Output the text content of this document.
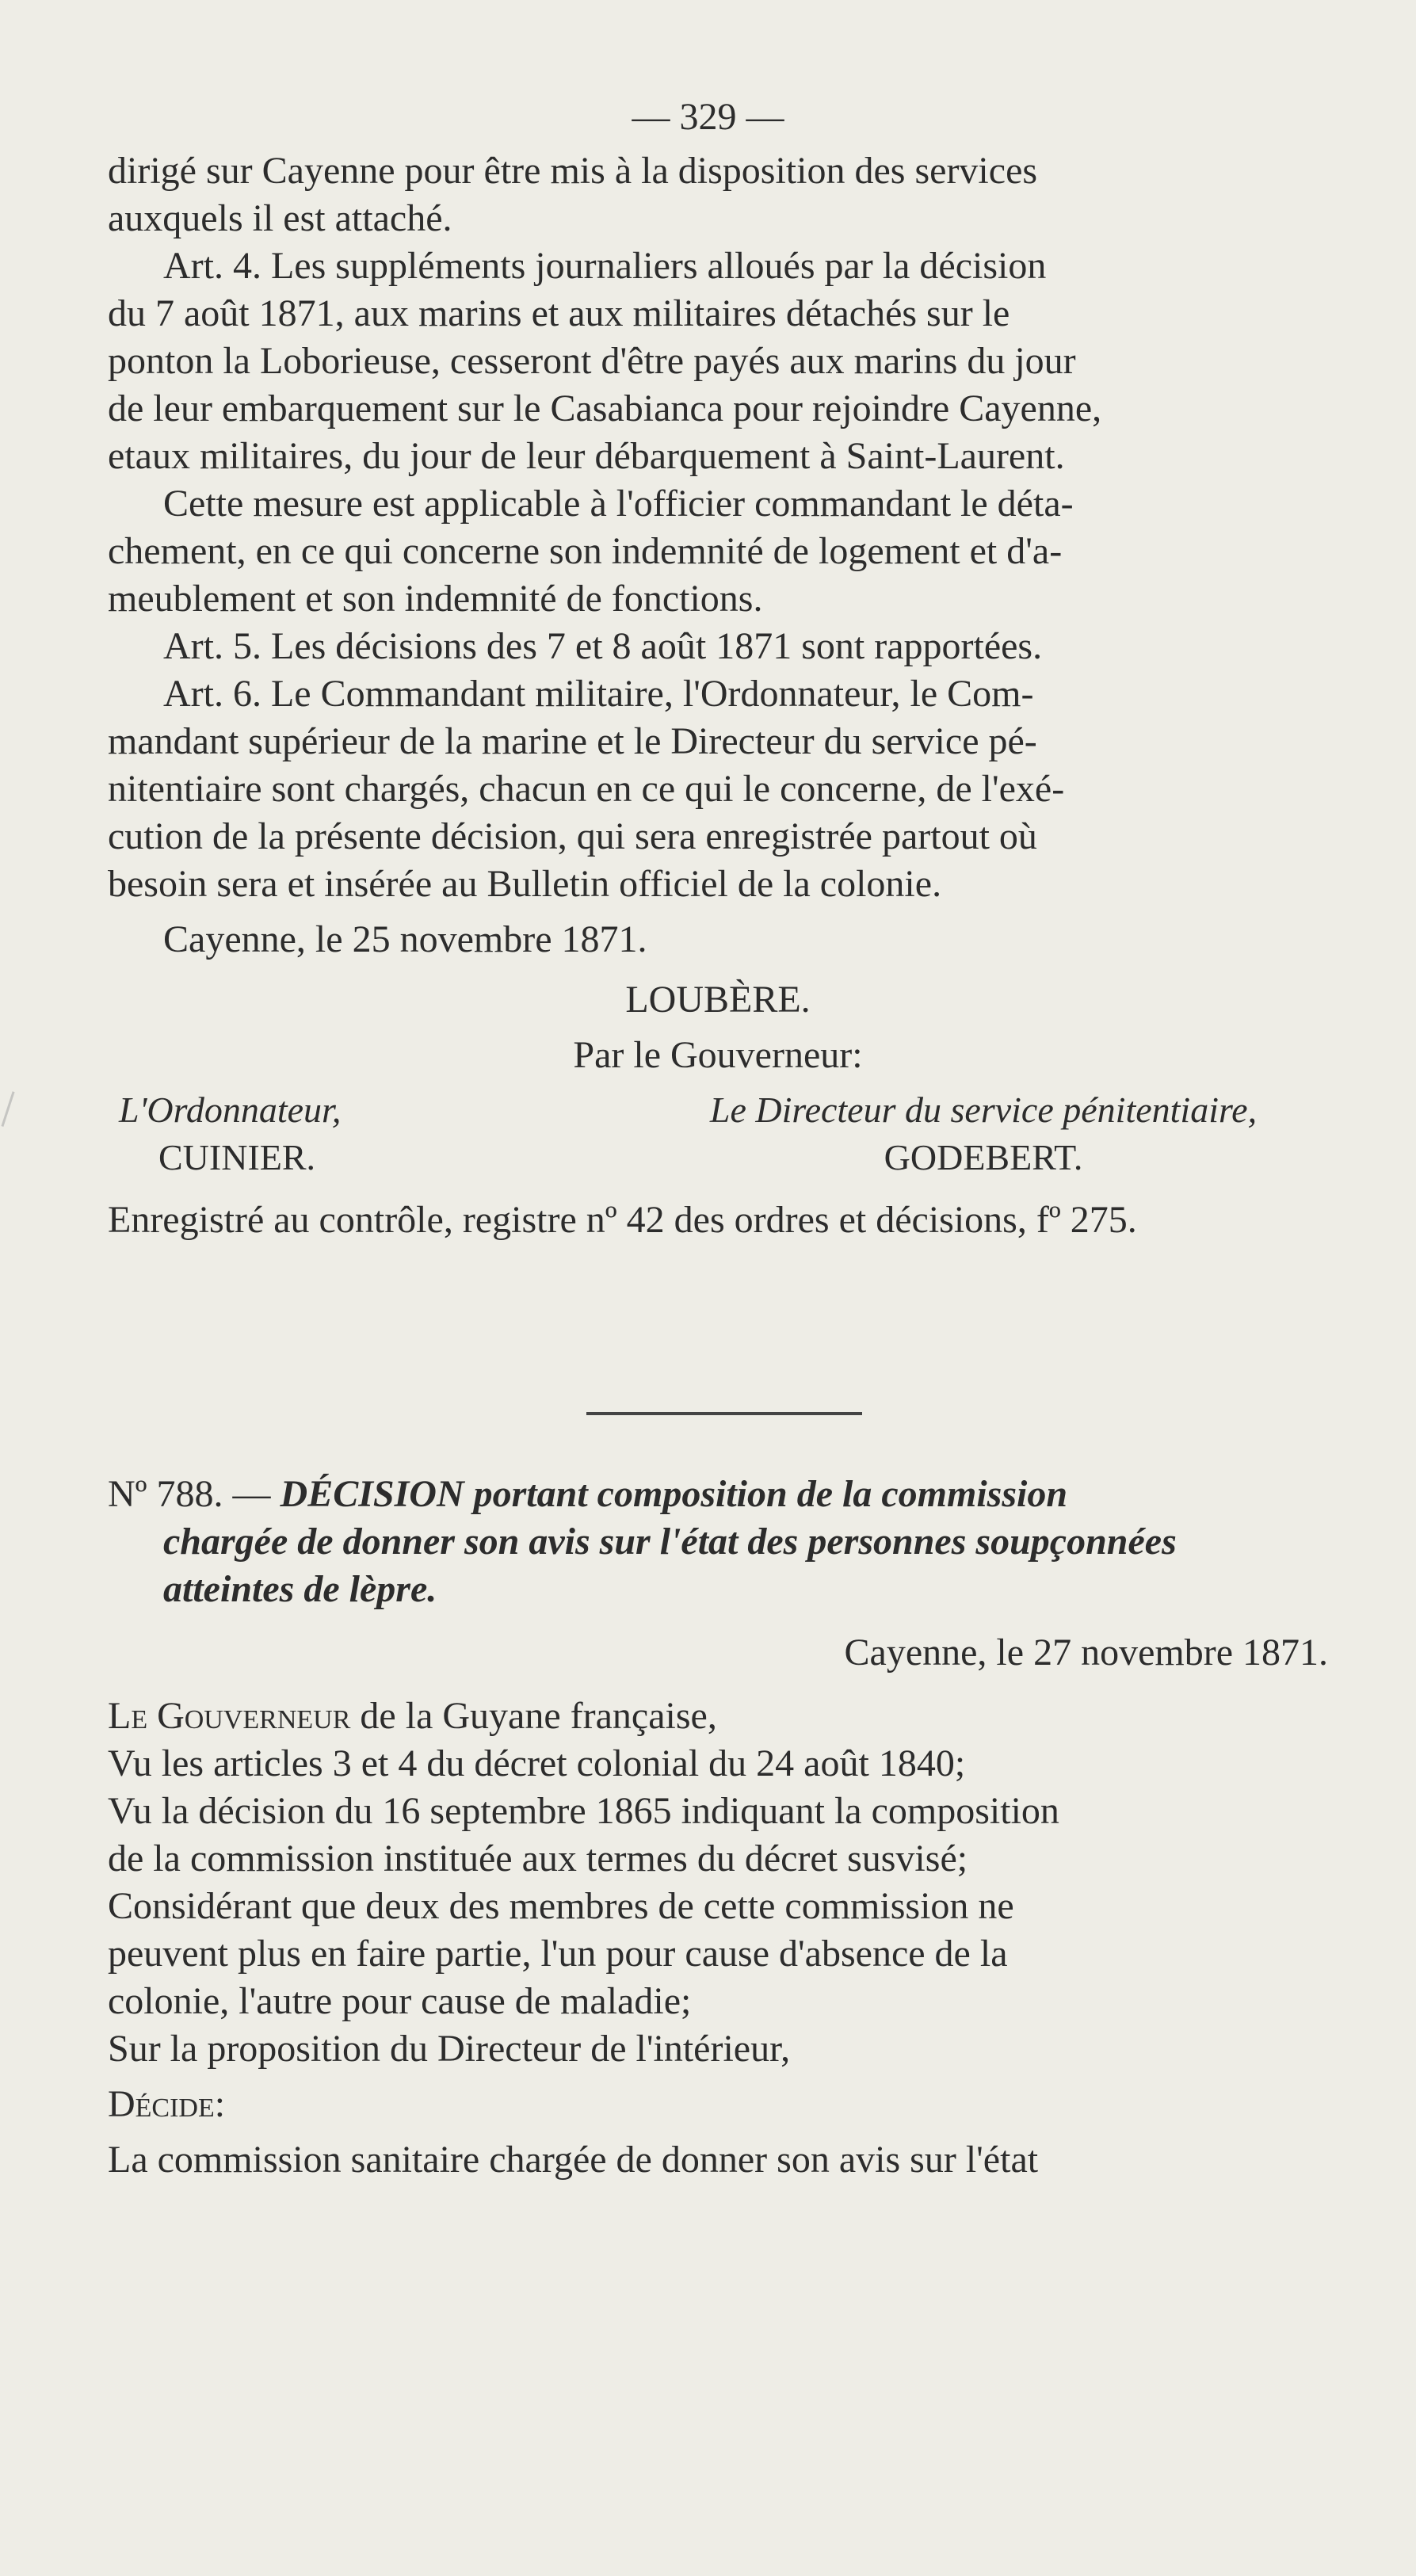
— 329 —
dirigé sur Cayenne pour être mis à la disposition des services
auxquels il est attaché.
Art. 4. Les suppléments journaliers alloués par la décision
du 7 août 1871, aux marins et aux militaires détachés sur le
ponton la Loborieuse, cesseront d'être payés aux marins du jour
de leur embarquement sur le Casabianca pour rejoindre Cayenne,
etaux militaires, du jour de leur débarquement à Saint-Laurent.
Cette mesure est applicable à l'officier commandant le déta-
chement, en ce qui concerne son indemnité de logement et d'a-
meublement et son indemnité de fonctions.
Art. 5. Les décisions des 7 et 8 août 1871 sont rapportées.
Art. 6. Le Commandant militaire, l'Ordonnateur, le Com-
mandant supérieur de la marine et le Directeur du service pé-
nitentiaire sont chargés, chacun en ce qui le concerne, de l'exé-
cution de la présente décision, qui sera enregistrée partout où
besoin sera et insérée au Bulletin officiel de la colonie.
Cayenne, le 25 novembre 1871.
LOUBÈRE.
Par le Gouverneur:
L'Ordonnateur,	Le Directeur du service pénitentiaire,
CUINIER.	GODEBERT.
Enregistré au contrôle, registre nº 42 des ordres et décisions, fº 275.
Nº 788. — DÉCISION portant composition de la commission
chargée de donner son avis sur l'état des personnes soupçonnées
atteintes de lèpre.
Cayenne, le 27 novembre 1871.
Le Gouverneur de la Guyane française,
Vu les articles 3 et 4 du décret colonial du 24 août 1840;
Vu la décision du 16 septembre 1865 indiquant la composition
de la commission instituée aux termes du décret susvisé;
Considérant que deux des membres de cette commission ne
peuvent plus en faire partie, l'un pour cause d'absence de la
colonie, l'autre pour cause de maladie;
Sur la proposition du Directeur de l'intérieur,
Décide:
La commission sanitaire chargée de donner son avis sur l'état
